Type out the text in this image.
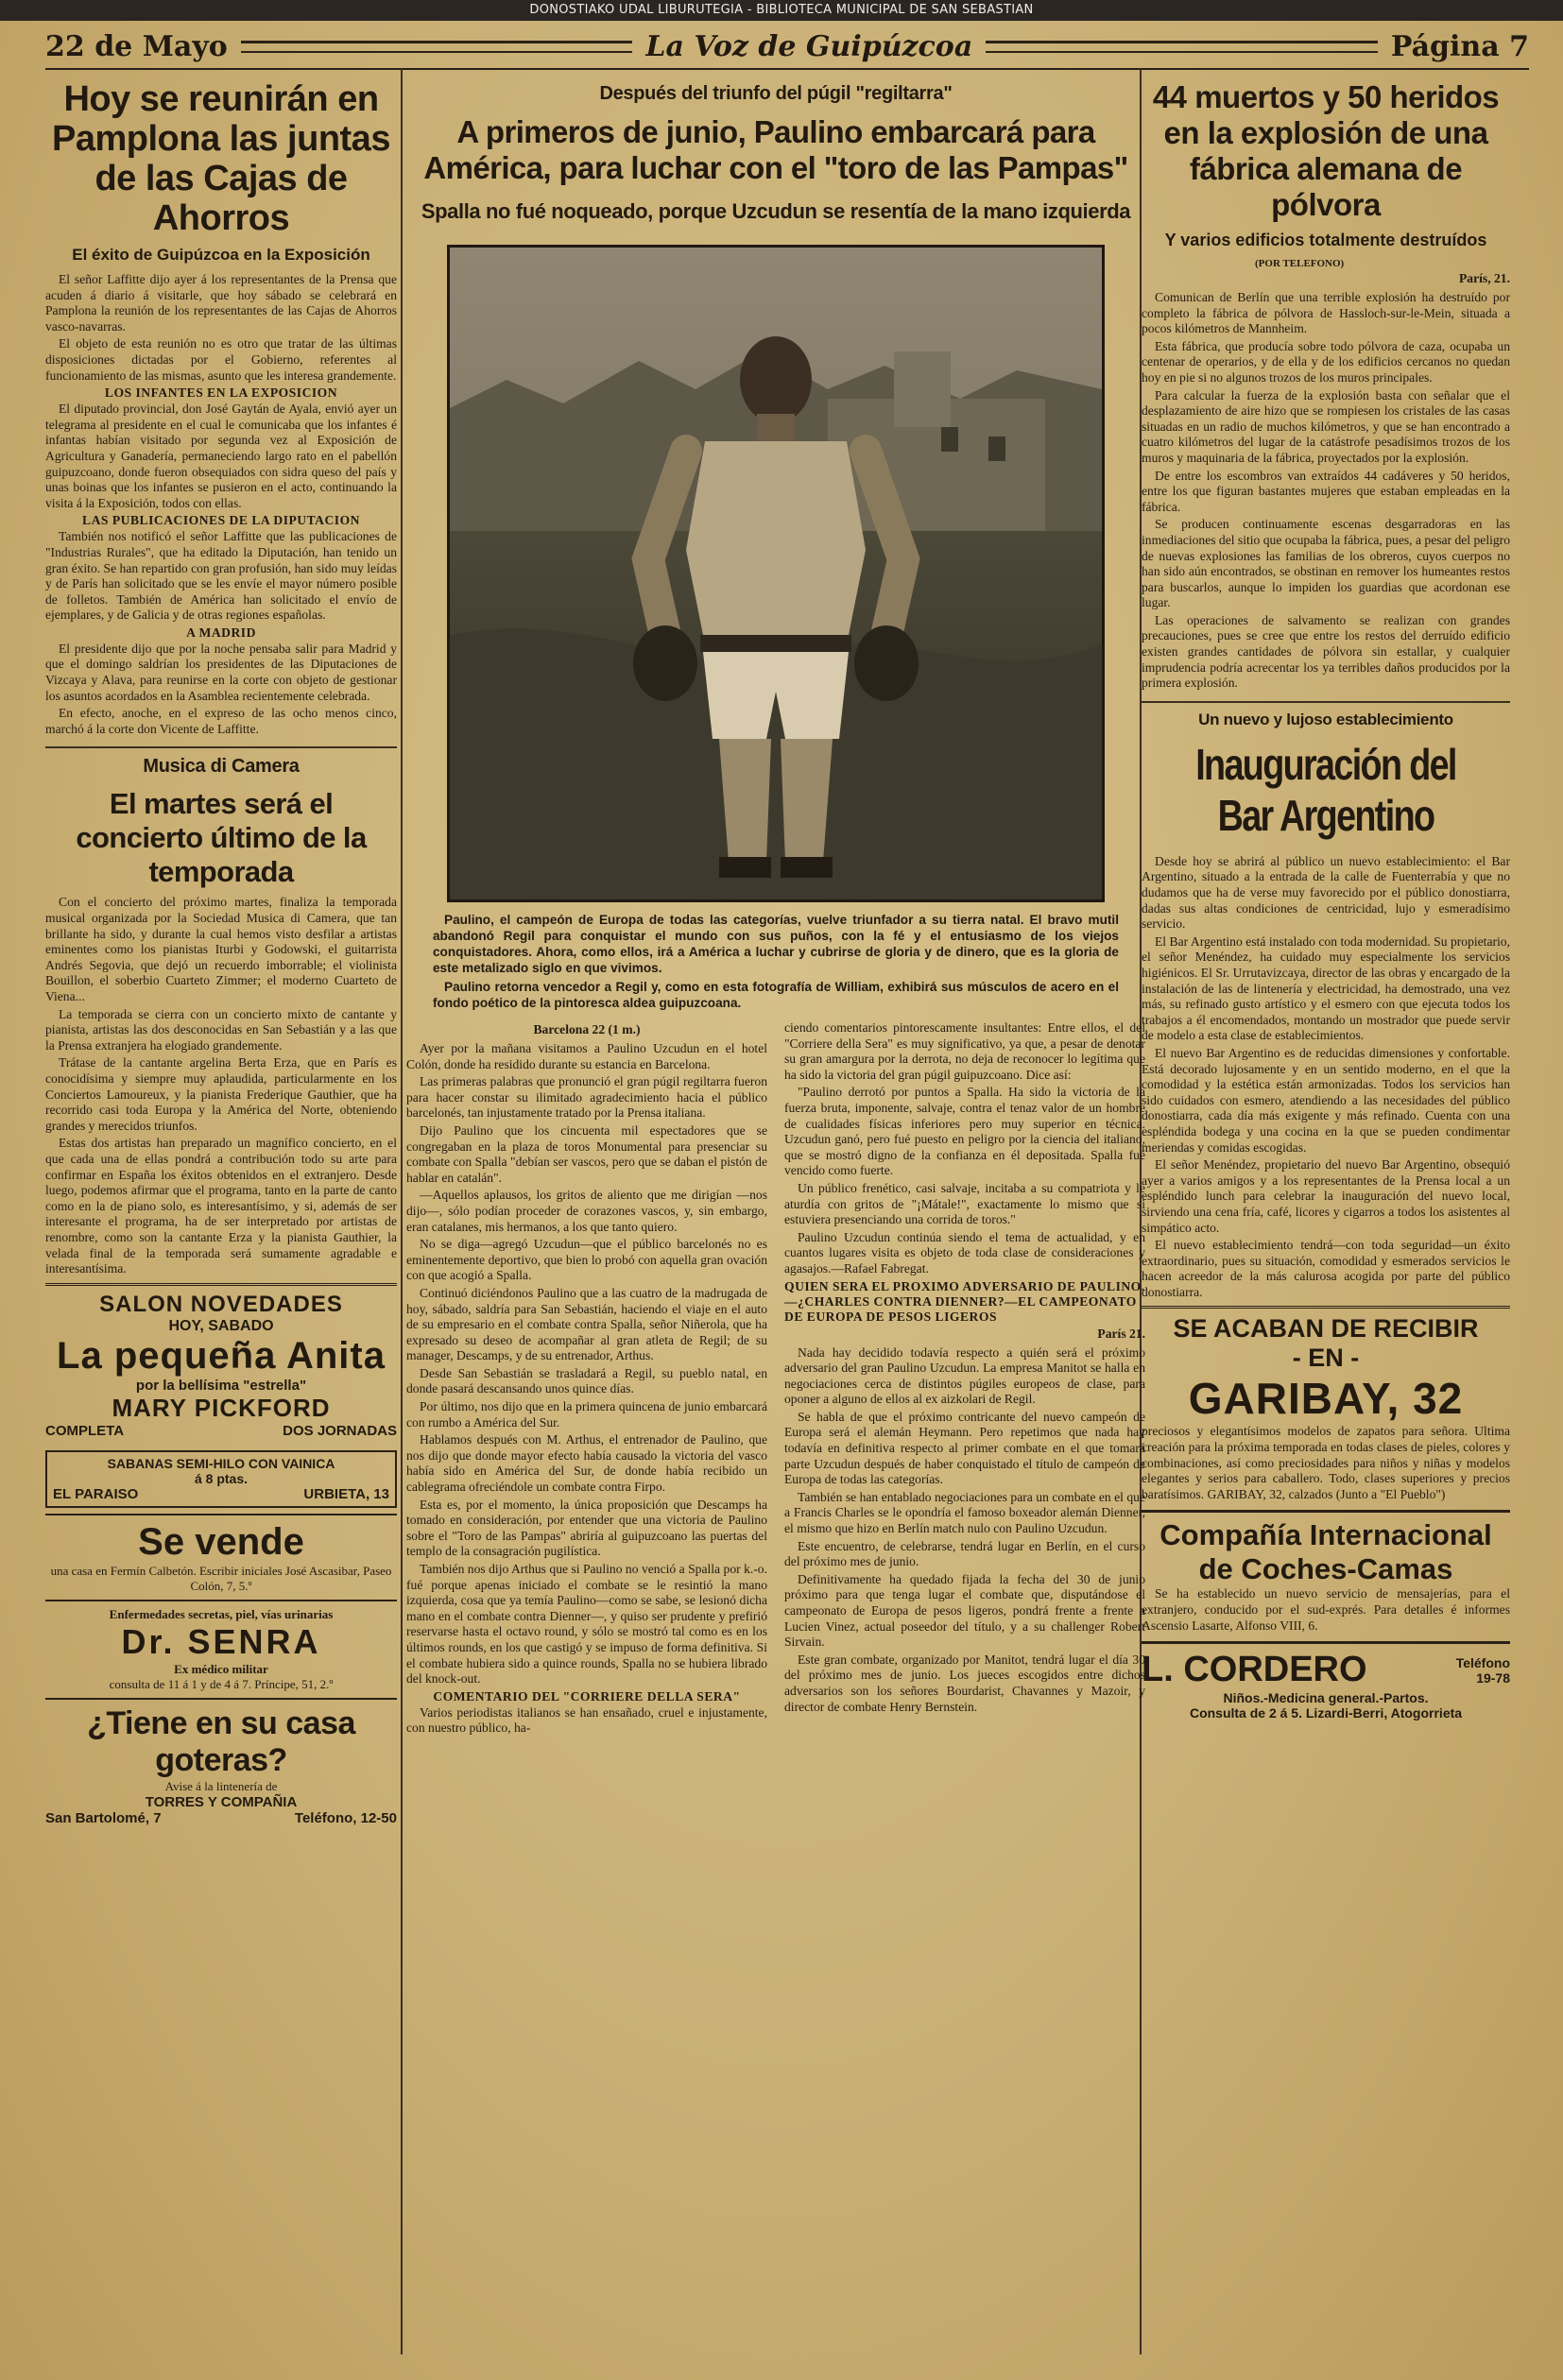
DONOSTIAKO UDAL LIBURUTEGIA - BIBLIOTECA MUNICIPAL DE SAN SEBASTIAN
22 de Mayo	La Voz de Guipúzcoa	Página 7
Hoy se reunirán en Pamplona las juntas de las Cajas de Ahorros
El éxito de Guipúzcoa en la Exposición

El señor Laffitte dijo ayer á los representantes de la Prensa que acuden á diario á visitarle, que hoy sábado se celebrará en Pamplona la reunión de los representantes de las Cajas de Ahorros vasco-navarras.

El objeto de esta reunión no es otro que tratar de las últimas disposiciones dictadas por el Gobierno, referentes al funcionamiento de las mismas, asunto que les interesa grandemente.

LOS INFANTES EN LA EXPOSICION

El diputado provincial, don José Gaytán de Ayala, envió ayer un telegrama al presidente en el cual le comunicaba que los infantes é infantas habían visitado por segunda vez al Exposición de Agricultura y Ganadería, permaneciendo largo rato en el pabellón guipuzcoano, donde fueron obsequiados con sidra queso del país y unas boinas que los infantes se pusieron en el acto, continuando la visita á la Exposición, todos con ellas.

LAS PUBLICACIONES DE LA DIPUTACION

También nos notificó el señor Laffitte que las publicaciones de "Industrias Rurales", que ha editado la Diputación, han tenido un gran éxito. Se han repartido con gran profusión, han sido muy leídas y de París han solicitado que se les envíe el mayor número posible de folletos. También de América han solicitado el envío de ejemplares, y de Galicia y de otras regiones españolas.

A MADRID

El presidente dijo que por la noche pensaba salir para Madrid y que el domingo saldrían los presidentes de las Diputaciones de Vizcaya y Alava, para reunirse en la corte con objeto de gestionar los asuntos acordados en la Asamblea recientemente celebrada.

En efecto, anoche, en el expreso de las ocho menos cinco, marchó á la corte don Vicente de Laffitte.

Musica di Camera
El martes será el concierto último de la temporada

Con el concierto del próximo martes, finaliza la temporada musical organizada por la Sociedad Musica di Camera, que tan brillante ha sido, y durante la cual hemos visto desfilar a artistas eminentes como los pianistas Iturbi y Godowski, el guitarrista Andrés Segovia, que dejó un recuerdo imborrable; el violinista Bouillon, el soberbio Cuarteto Zimmer; el moderno Cuarteto de Viena...

La temporada se cierra con un concierto mixto de cantante y pianista, artistas las dos desconocidas en San Sebastián y a las que la Prensa extranjera ha elogiado grandemente.

Trátase de la cantante argelina Berta Erza, que en París es conocidísima y siempre muy aplaudida, particularmente en los Conciertos Lamoureux, y la pianista Frederique Gauthier, que ha recorrido casi toda Europa y la América del Norte, obteniendo grandes y merecidos triunfos.

Estas dos artistas han preparado un magnífico concierto, en el que cada una de ellas pondrá a contribución todo su arte para confirmar en España los éxitos obtenidos en el extranjero. Desde luego, podemos afirmar que el programa, tanto en la parte de canto como en la de piano solo, es interesantísimo, y si, además de ser interesante el programa, ha de ser interpretado por artistas de renombre, como son la cantante Erza y la pianista Gauthier, la velada final de la temporada será sumamente agradable e interesantísima.

SALON NOVEDADES
HOY, SABADO
La pequeña Anita
por la bellísima "estrella"
MARY PICKFORD
COMPLETA	DOS JORNADAS
SABANAS SEMI-HILO CON VAINICA
á 8 ptas.
EL PARAISO	URBIETA, 13
Se vende
una casa en Fermín Calbetón. Escribir iniciales José Ascasibar, Paseo Colón, 7, 5.º
Enfermedades secretas, piel, vías urinarias
Dr. SENRA
Ex médico militar
consulta de 11 á 1 y de 4 á 7. Príncipe, 51, 2.º
¿Tiene en su casa goteras?
Avise á la lintenería de
TORRES Y COMPAÑIA
San Bartolomé, 7	Teléfono, 12-50
Después del triunfo del púgil "regiltarra"
A primeros de junio, Paulino embarcará para América, para luchar con el "toro de las Pampas"
Spalla no fué noqueado, porque Uzcudun se resentía de la mano izquierda

Paulino, el campeón de Europa de todas las categorías, vuelve triunfador a su tierra natal. El bravo mutil abandonó Regil para conquistar el mundo con sus puños, con la fé y el entusiasmo de los viejos conquistadores. Ahora, como ellos, irá a América a luchar y cubrirse de gloria y de dinero, que es la gloria de este metalizado siglo en que vivimos.

Paulino retorna vencedor a Regil y, como en esta fotografía de William, exhibirá sus músculos de acero en el fondo poético de la pintoresca aldea guipuzcoana.

Barcelona 22 (1 m.)

Ayer por la mañana visitamos a Paulino Uzcudun en el hotel Colón, donde ha residido durante su estancia en Barcelona.

Las primeras palabras que pronunció el gran púgil regiltarra fueron para hacer constar su ilimitado agradecimiento hacia el público barcelonés, tan injustamente tratado por la Prensa italiana.

Dijo Paulino que los cincuenta mil espectadores que se congregaban en la plaza de toros Monumental para presenciar su combate con Spalla "debían ser vascos, pero que se daban el pistón de hablar en catalán".

—Aquellos aplausos, los gritos de aliento que me dirigían —nos dijo—, sólo podían proceder de corazones vascos, y, sin embargo, eran catalanes, mis hermanos, a los que tanto quiero.

No se diga—agregó Uzcudun—que el público barcelonés no es eminentemente deportivo, que bien lo probó con aquella gran ovación con que acogió a Spalla.

Continuó diciéndonos Paulino que a las cuatro de la madrugada de hoy, sábado, saldría para San Sebastián, haciendo el viaje en el auto de su empresario en el combate contra Spalla, señor Niñerola, que ha expresado su deseo de acompañar al gran atleta de Regil; de su manager, Descamps, y de su entrenador, Arthus.

Desde San Sebastián se trasladará a Regil, su pueblo natal, en donde pasará descansando unos quince días.

Por último, nos dijo que en la primera quincena de junio embarcará con rumbo a América del Sur.

Hablamos después con M. Arthus, el entrenador de Paulino, que nos dijo que donde mayor efecto había causado la victoria del vasco había sido en América del Sur, de donde había recibido un cablegrama ofreciéndole un combate contra Firpo.

Esta es, por el momento, la única proposición que Descamps ha tomado en consideración, por entender que una victoria de Paulino sobre el "Toro de las Pampas" abriría al guipuzcoano las puertas del templo de la consagración pugilística.

También nos dijo Arthus que si Paulino no venció a Spalla por k.-o. fué porque apenas iniciado el combate se le resintió la mano izquierda, cosa que ya temía Paulino—como se sabe, se lesionó dicha mano en el combate contra Dienner—, y quiso ser prudente y prefirió reservarse hasta el octavo round, y sólo se mostró tal como es en los últimos rounds, en los que castigó y se impuso de forma definitiva. Si el combate hubiera sido a quince rounds, Spalla no se hubiera librado del knock-out.

COMENTARIO DEL "CORRIERE DELLA SERA"

Varios periodistas italianos se han ensañado, cruel e injustamente, con nuestro público, ha-

ciendo comentarios pintorescamente insultantes: Entre ellos, el del "Corriere della Sera" es muy significativo, ya que, a pesar de denotar su gran amargura por la derrota, no deja de reconocer lo legítima que ha sido la victoria del gran púgil guipuzcoano. Dice así:

"Paulino derrotó por puntos a Spalla. Ha sido la victoria de la fuerza bruta, imponente, salvaje, contra el tenaz valor de un hombre de cualidades físicas inferiores pero muy superior en técnica. Uzcudun ganó, pero fué puesto en peligro por la ciencia del italiano, que se mostró digno de la confianza en él depositada. Spalla fué vencido como fuerte.

Un público frenético, casi salvaje, incitaba a su compatriota y le aturdía con gritos de "¡Mátale!", exactamente lo mismo que si estuviera presenciando una corrida de toros."

Paulino Uzcudun continúa siendo el tema de actualidad, y en cuantos lugares visita es objeto de toda clase de consideraciones y agasajos.—Rafael Fabregat.

QUIEN SERA EL PROXIMO ADVERSARIO DE PAULINO.—¿CHARLES CONTRA DIENNER?—EL CAMPEONATO DE EUROPA DE PESOS LIGEROS
París 21.

Nada hay decidido todavía respecto a quién será el próximo adversario del gran Paulino Uzcudun. La empresa Manitot se halla en negociaciones cerca de distintos púgiles europeos de clase, para oponer a alguno de ellos al ex aizkolari de Regil.

Se habla de que el próximo contricante del nuevo campeón de Europa será el alemán Heymann. Pero repetimos que nada hay todavía en definitiva respecto al primer combate en el que tomará parte Uzcudun después de haber conquistado el título de campeón de Europa de todas las categorías.

También se han entablado negociaciones para un combate en el que a Francis Charles se le opondría el famoso boxeador alemán Dienner, el mismo que hizo en Berlín match nulo con Paulino Uzcudun.

Este encuentro, de celebrarse, tendrá lugar en Berlín, en el curso del próximo mes de junio.

Definitivamente ha quedado fijada la fecha del 30 de junio próximo para que tenga lugar el combate que, disputándose el campeonato de Europa de pesos ligeros, pondrá frente a frente a Lucien Vinez, actual poseedor del título, y a su challenger Robert Sirvain.

Este gran combate, organizado por Manitot, tendrá lugar el día 30 del próximo mes de junio. Los jueces escogidos entre dichos adversarios son los señores Bourdarist, Chavannes y Mazoir, y director de combate Henry Bernstein.

44 muertos y 50 heridos en la explosión de una fábrica alemana de pólvora
Y varios edificios totalmente destruídos
(POR TELEFONO)
París, 21.

Comunican de Berlín que una terrible explosión ha destruído por completo la fábrica de pólvora de Hassloch-sur-le-Mein, situada a pocos kilómetros de Mannheim.

Esta fábrica, que producía sobre todo pólvora de caza, ocupaba un centenar de operarios, y de ella y de los edificios cercanos no quedan hoy en pie si no algunos trozos de los muros principales.

Para calcular la fuerza de la explosión basta con señalar que el desplazamiento de aire hizo que se rompiesen los cristales de las casas situadas en un radio de muchos kilómetros, y que se han encontrado a cuatro kilómetros del lugar de la catástrofe pesadísimos trozos de los muros y maquinaria de la fábrica, proyectados por la explosión.

De entre los escombros van extraídos 44 cadáveres y 50 heridos, entre los que figuran bastantes mujeres que estaban empleadas en la fábrica.

Se producen continuamente escenas desgarradoras en las inmediaciones del sitio que ocupaba la fábrica, pues, a pesar del peligro de nuevas explosiones las familias de los obreros, cuyos cuerpos no han sido aún encontrados, se obstinan en remover los humeantes restos para buscarlos, aunque lo impiden los guardias que acordonan ese lugar.

Las operaciones de salvamento se realizan con grandes precauciones, pues se cree que entre los restos del derruído edificio existen grandes cantidades de pólvora sin estallar, y cualquier imprudencia podría acrecentar los ya terribles daños producidos por la primera explosión.

Un nuevo y lujoso establecimiento
Inauguración del Bar Argentino

Desde hoy se abrirá al público un nuevo establecimiento: el Bar Argentino, situado a la entrada de la calle de Fuenterrabía y que no dudamos que ha de verse muy favorecido por el público donostiarra, dadas sus altas condiciones de centricidad, lujo y esmeradísimo servicio.

El Bar Argentino está instalado con toda modernidad. Su propietario, el señor Menéndez, ha cuidado muy especialmente los servicios higiénicos. El Sr. Urrutavizcaya, director de las obras y encargado de la instalación de las de lintenería y electricidad, ha demostrado, una vez más, su refinado gusto artístico y el esmero con que ejecuta todos los trabajos a él encomendados, montando un mostrador que puede servir de modelo a esta clase de establecimientos.

El nuevo Bar Argentino es de reducidas dimensiones y confortable. Está decorado lujosamente y en un sentido moderno, en el que la comodidad y la estética están armonizadas. Todos los servicios han sido cuidados con esmero, atendiendo a las necesidades del público donostiarra, cada día más exigente y más refinado. Cuenta con una espléndida bodega y una cocina en la que se pueden condimentar meriendas y comidas escogidas.

El señor Menéndez, propietario del nuevo Bar Argentino, obsequió ayer a varios amigos y a los representantes de la Prensa local a un espléndido lunch para celebrar la inauguración del nuevo local, sirviendo una cena fría, café, licores y cigarros a todos los asistentes al simpático acto.

El nuevo establecimiento tendrá—con toda seguridad—un éxito extraordinario, pues su situación, comodidad y esmerados servicios le hacen acreedor de la más calurosa acogida por parte del público donostiarra.

SE ACABAN DE RECIBIR
- EN -
GARIBAY, 32

preciosos y elegantísimos modelos de zapatos para señora. Ultima creación para la próxima temporada en todas clases de pieles, colores y combinaciones, así como preciosidades para niños y niñas y modelos elegantes y serios para caballero. Todo, clases superiores y precios baratísimos. GARIBAY, 32, calzados (Junto a "El Pueblo")

Compañía Internacional de Coches-Camas

Se ha establecido un nuevo servicio de mensajerías, para el extranjero, conducido por el sud-exprés. Para detalles é informes Ascensio Lasarte, Alfonso VIII, 6.

L. CORDERO	Teléfono
19-78
Niños.-Medicina general.-Partos.
Consulta de 2 á 5. Lizardi-Berri, Atogorrieta
